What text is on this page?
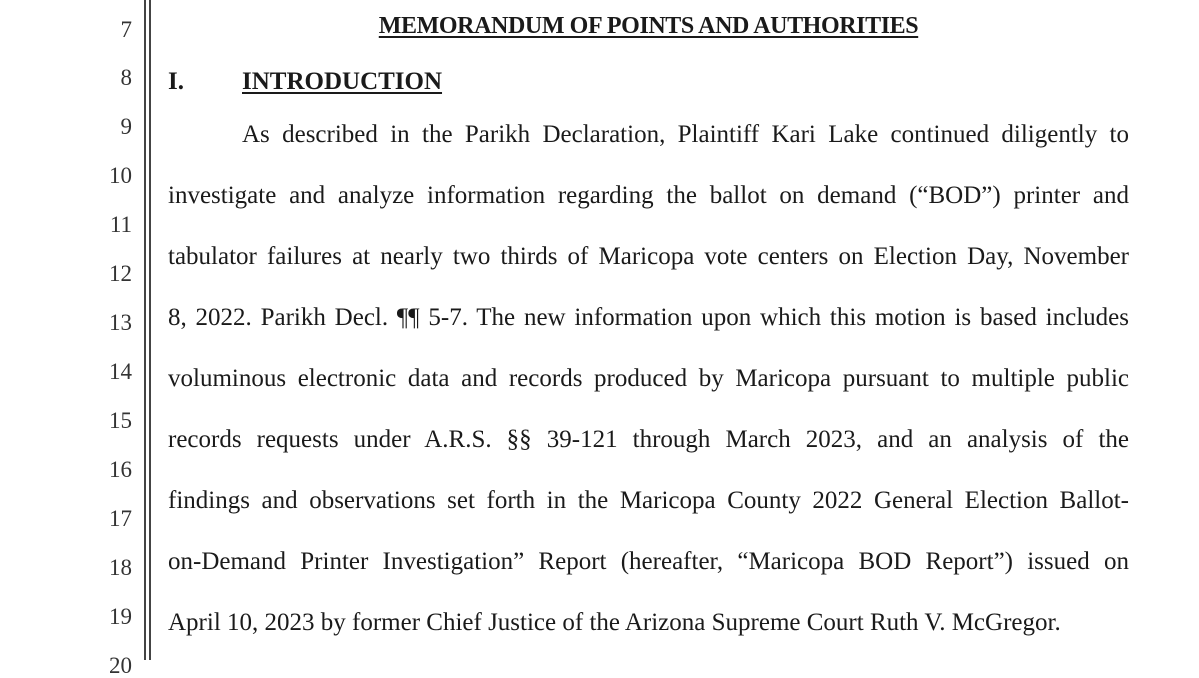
7
8
9
10
11
12
13
14
15
16
17
18
19
20
MEMORANDUM OF POINTS AND AUTHORITIES
I. INTRODUCTION
As described in the Parikh Declaration, Plaintiff Kari Lake continued diligently to
investigate and analyze information regarding the ballot on demand (“BOD”) printer and
tabulator failures at nearly two thirds of Maricopa vote centers on Election Day, November
8, 2022. Parikh Decl. ¶¶ 5-7. The new information upon which this motion is based includes
voluminous electronic data and records produced by Maricopa pursuant to multiple public
records requests under A.R.S. §§ 39-121 through March 2023, and an analysis of the
findings and observations set forth in the Maricopa County 2022 General Election Ballot-
on-Demand Printer Investigation” Report (hereafter, “Maricopa BOD Report”) issued on
April 10, 2023 by former Chief Justice of the Arizona Supreme Court Ruth V. McGregor.
